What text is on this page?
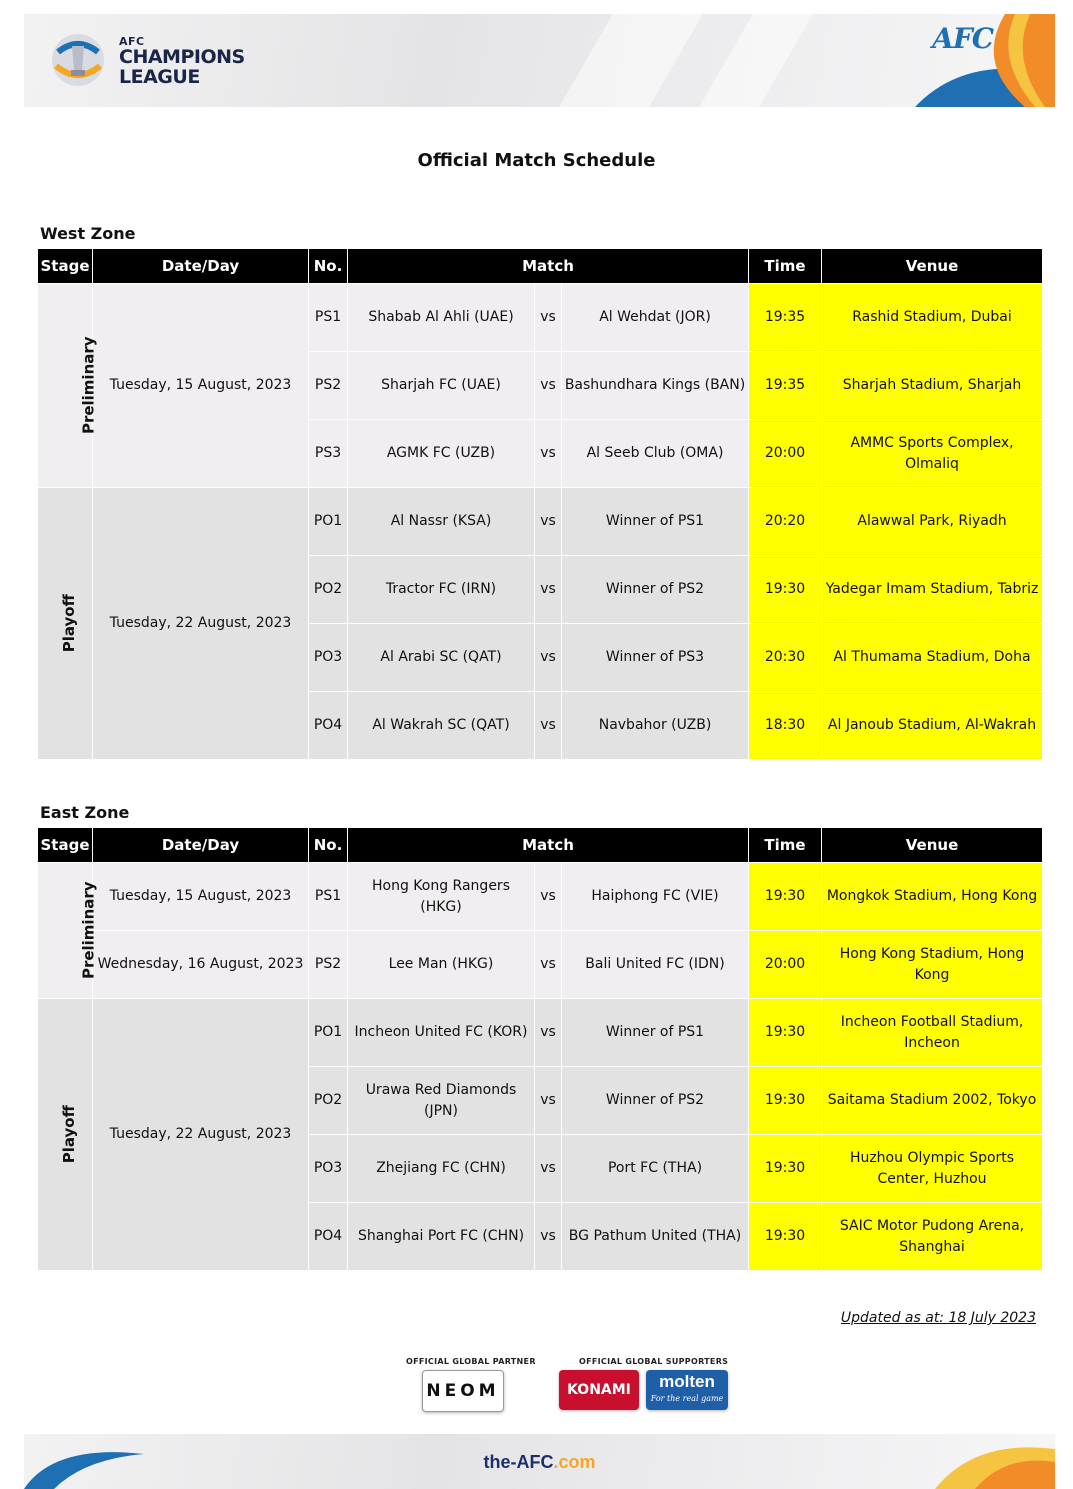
AFC
CHAMPIONS
LEAGUE
AFC
Official Match Schedule
West Zone
Stage	Date/Day	No.	Match			Time	Venue
Preliminary	Tuesday, 15 August, 2023	PS1	Shabab Al Ahli (UAE)	vs	Al Wehdat (JOR)	19:35	Rashid Stadium, Dubai
		PS2	Sharjah FC (UAE)	vs	Bashundhara Kings (BAN)	19:35	Sharjah Stadium, Sharjah
		PS3	AGMK FC (UZB)	vs	Al Seeb Club (OMA)	20:00	AMMC Sports Complex, Olmaliq
Playoff	Tuesday, 22 August, 2023	PO1	Al Nassr (KSA)	vs	Winner of PS1	20:20	Alawwal Park, Riyadh
		PO2	Tractor FC (IRN)	vs	Winner of PS2	19:30	Yadegar Imam Stadium, Tabriz
		PO3	Al Arabi SC (QAT)	vs	Winner of PS3	20:30	Al Thumama Stadium, Doha
		PO4	Al Wakrah SC (QAT)	vs	Navbahor (UZB)	18:30	Al Janoub Stadium, Al-Wakrah
East Zone
Stage	Date/Day	No.	Match			Time	Venue
Preliminary	Tuesday, 15 August, 2023	PS1	Hong Kong Rangers (HKG)	vs	Haiphong FC (VIE)	19:30	Mongkok Stadium, Hong Kong
	Wednesday, 16 August, 2023	PS2	Lee Man (HKG)	vs	Bali United FC (IDN)	20:00	Hong Kong Stadium, Hong Kong
Playoff	Tuesday, 22 August, 2023	PO1	Incheon United FC (KOR)	vs	Winner of PS1	19:30	Incheon Football Stadium, Incheon
		PO2	Urawa Red Diamonds (JPN)	vs	Winner of PS2	19:30	Saitama Stadium 2002, Tokyo
		PO3	Zhejiang FC (CHN)	vs	Port FC (THA)	19:30	Huzhou Olympic Sports Center, Huzhou
		PO4	Shanghai Port FC (CHN)	vs	BG Pathum United (THA)	19:30	SAIC Motor Pudong Arena, Shanghai
Updated as at: 18 July 2023
OFFICIAL GLOBAL PARTNER	OFFICIAL GLOBAL SUPPORTERS
NEOM	KONAMI	molten
For the real game
the-AFC.com
